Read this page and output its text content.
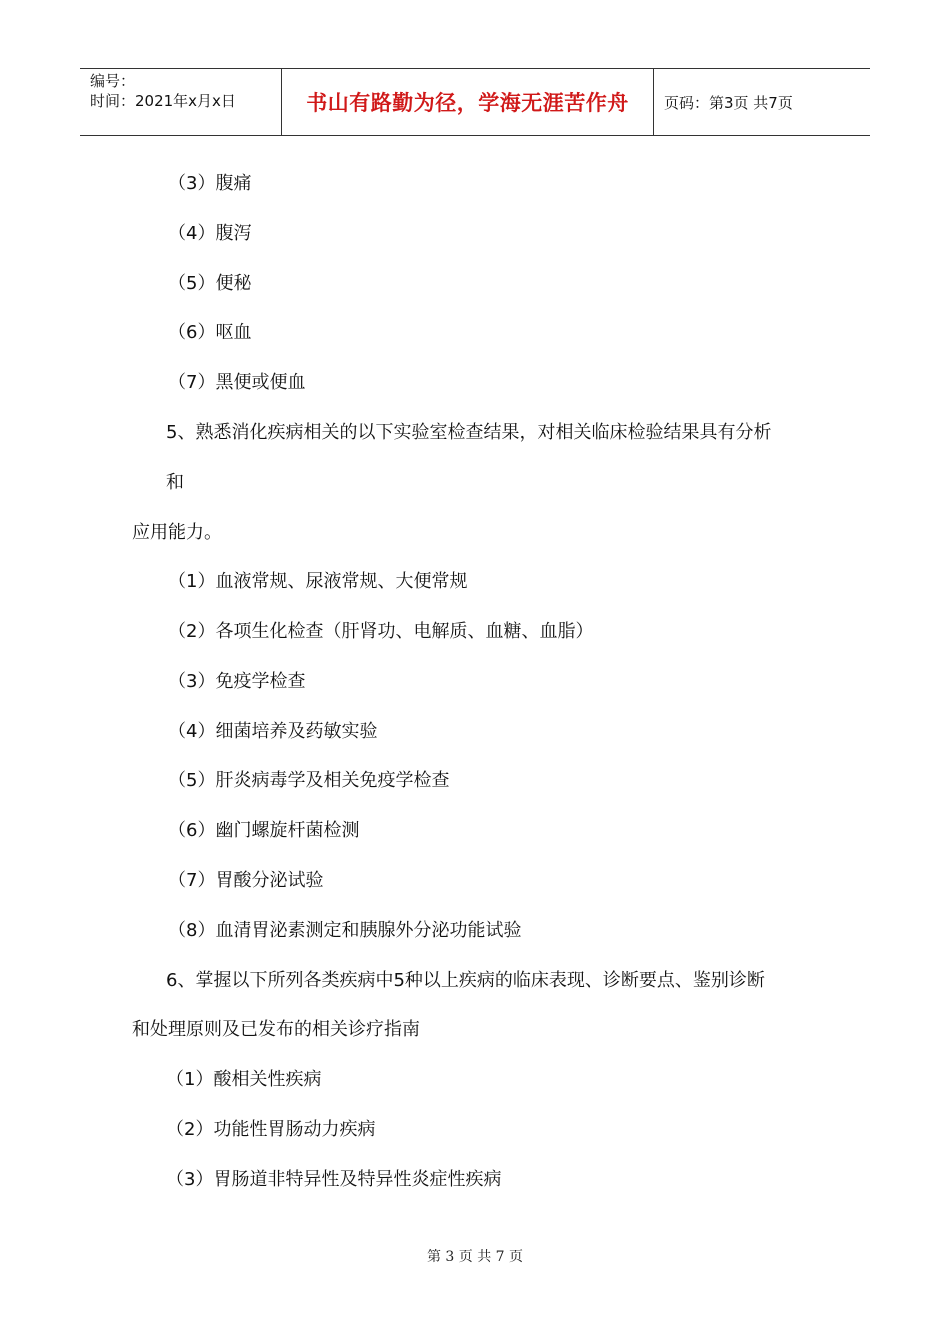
编号：
时间：2021年x月x日	书山有路勤为径，学海无涯苦作舟 页码：第3页 共7页
（3）腹痛
（4）腹泻
（5）便秘
（6）呕血
（7）黑便或便血
5、熟悉消化疾病相关的以下实验室检查结果，对相关临床检验结果具有分析
和
应用能力。
（1）血液常规、尿液常规、大便常规
（2）各项生化检查（肝肾功、电解质、血糖、血脂）
（3）免疫学检查
（4）细菌培养及药敏实验
（5）肝炎病毒学及相关免疫学检查
（6）幽门螺旋杆菌检测
（7）胃酸分泌试验
（8）血清胃泌素测定和胰腺外分泌功能试验
6、掌握以下所列各类疾病中5种以上疾病的临床表现、诊断要点、鉴别诊断
和处理原则及已发布的相关诊疗指南
（1）酸相关性疾病
（2）功能性胃肠动力疾病
（3）胃肠道非特异性及特异性炎症性疾病
第 3 页 共 7 页
